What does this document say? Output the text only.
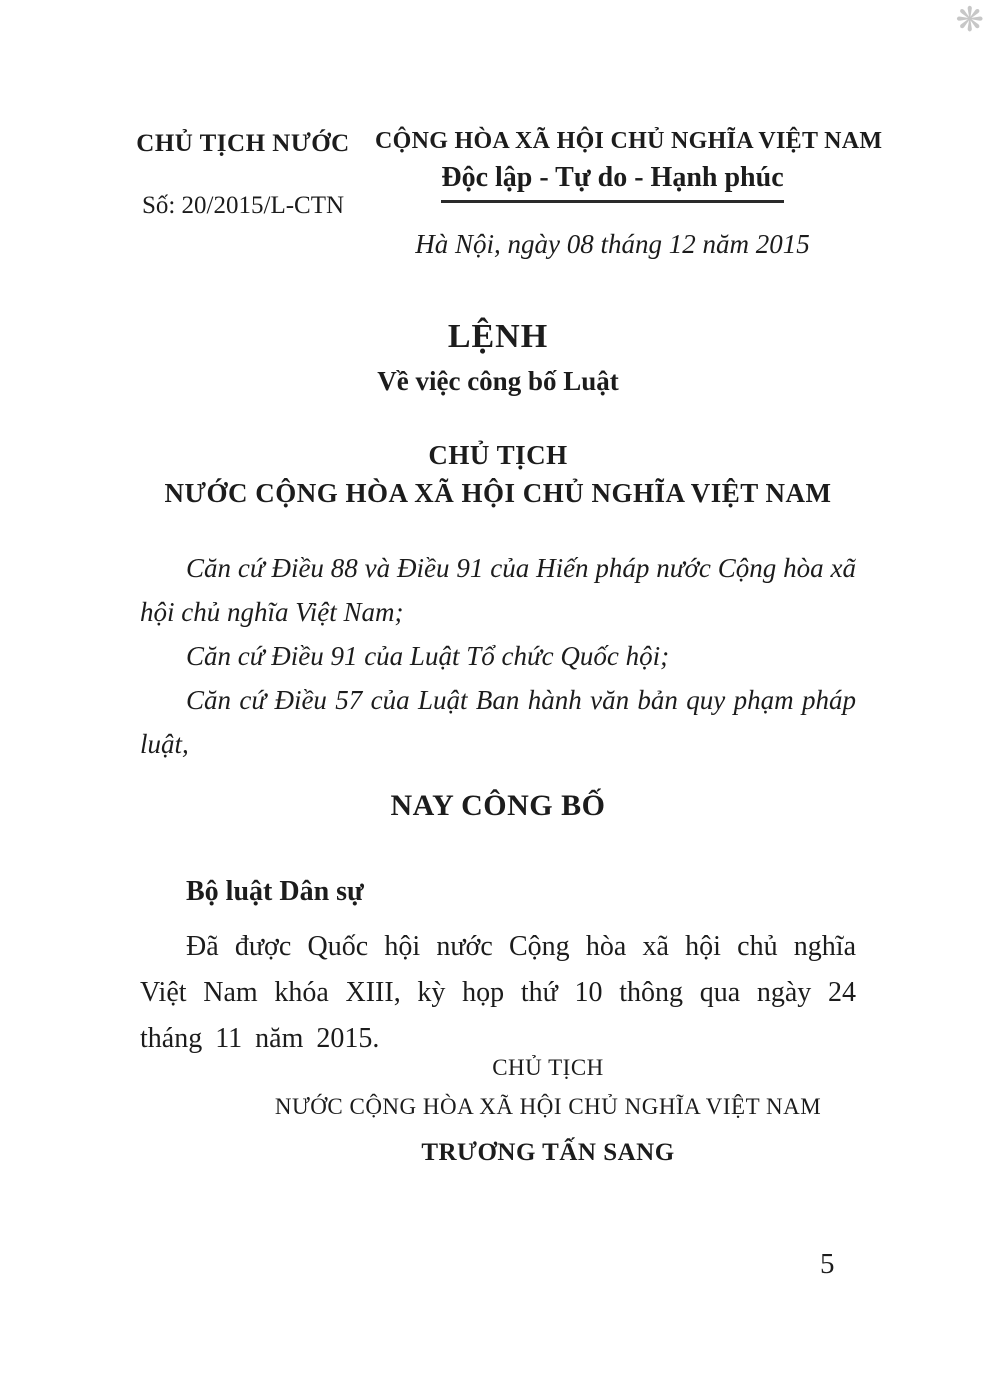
❋
CHỦ TỊCH NƯỚC
Số: 20/2015/L-CTN
CỘNG HÒA XÃ HỘI CHỦ NGHĨA VIỆT NAM
Độc lập - Tự do - Hạnh phúc
Hà Nội, ngày 08 tháng 12 năm 2015
LỆNH
Về việc công bố Luật
CHỦ TỊCH
NƯỚC CỘNG HÒA XÃ HỘI CHỦ NGHĨA VIỆT NAM

Căn cứ Điều 88 và Điều 91 của Hiến pháp nước Cộng hòa xã hội chủ nghĩa Việt Nam;

Căn cứ Điều 91 của Luật Tổ chức Quốc hội;

Căn cứ Điều 57 của Luật Ban hành văn bản quy phạm pháp luật,

NAY CÔNG BỐ
Bộ luật Dân sự
Đã được Quốc hội nước Cộng hòa xã hội chủ nghĩa Việt Nam khóa XIII, kỳ họp thứ 10 thông qua ngày 24 tháng 11 năm 2015.
CHỦ TỊCH
NƯỚC CỘNG HÒA XÃ HỘI CHỦ NGHĨA VIỆT NAM
TRƯƠNG TẤN SANG
5
